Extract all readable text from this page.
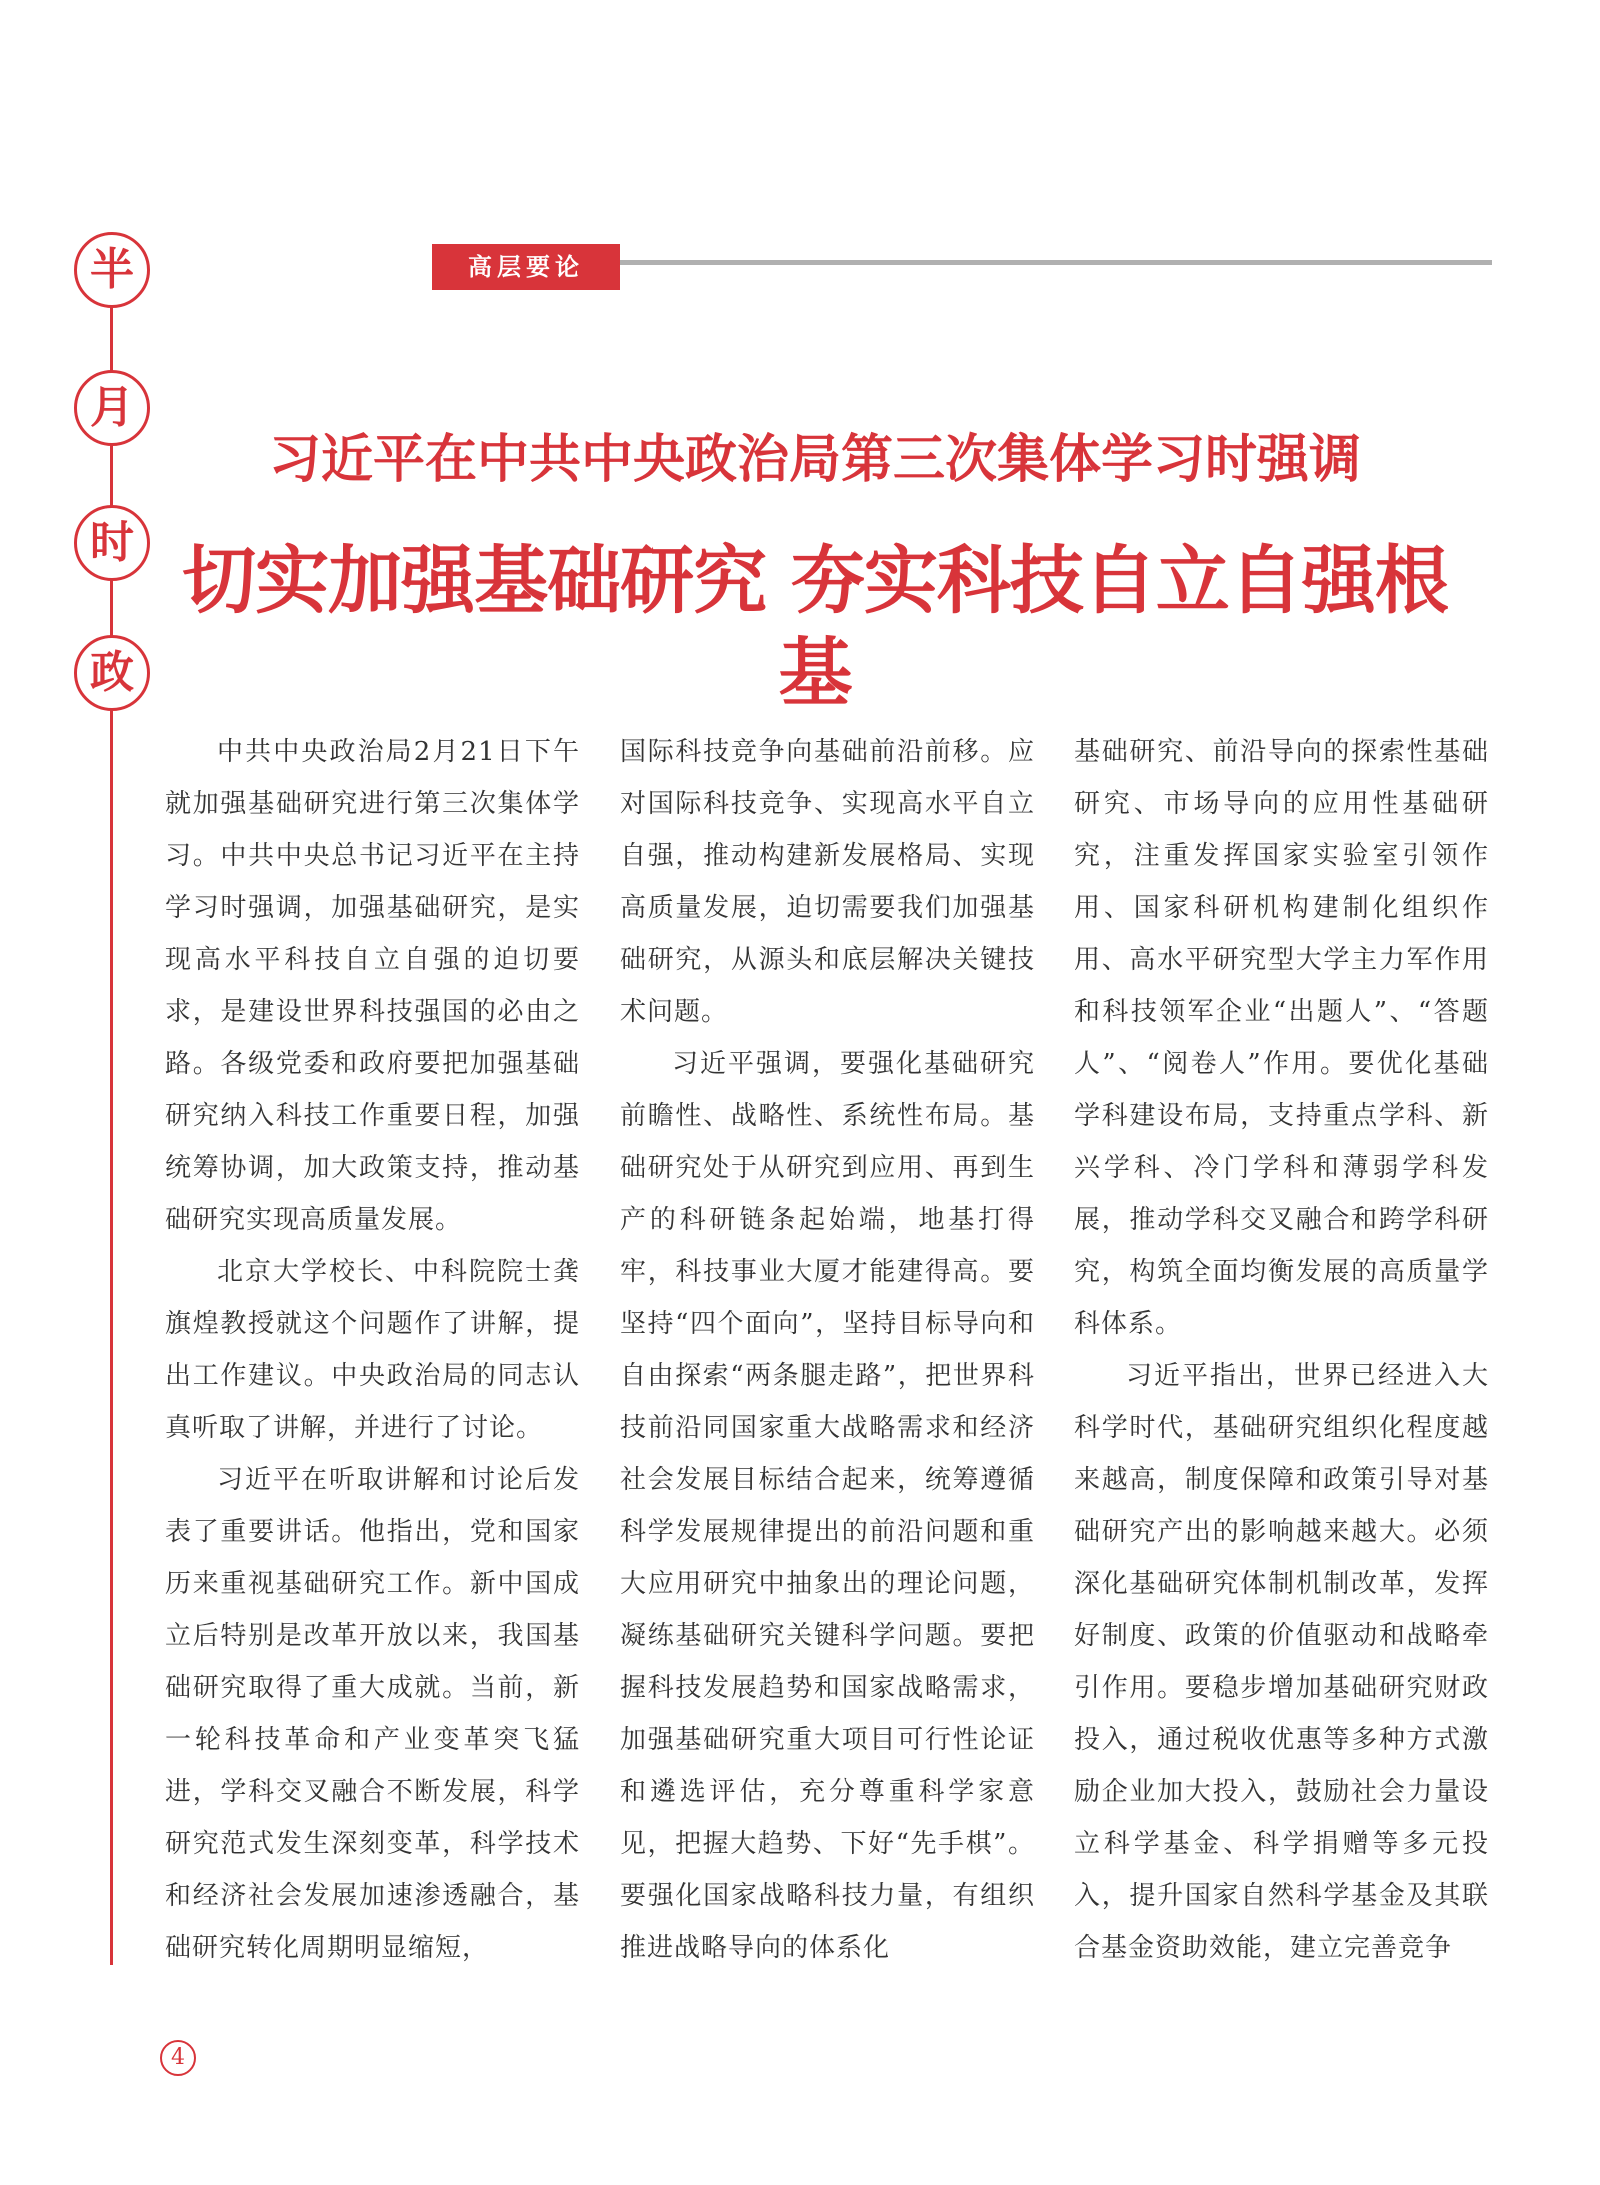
半
月
时
政
高层要论
习近平在中共中央政治局第三次集体学习时强调
切实加强基础研究 夯实科技自立自强根基

中共中央政治局2月21日下午就加强基础研究进行第三次集体学习。中共中央总书记习近平在主持学习时强调，加强基础研究，是实现高水平科技自立自强的迫切要求，是建设世界科技强国的必由之路。各级党委和政府要把加强基础研究纳入科技工作重要日程，加强统筹协调，加大政策支持，推动基础研究实现高质量发展。

北京大学校长、中科院院士龚旗煌教授就这个问题作了讲解，提出工作建议。中央政治局的同志认真听取了讲解，并进行了讨论。

习近平在听取讲解和讨论后发表了重要讲话。他指出，党和国家历来重视基础研究工作。新中国成立后特别是改革开放以来，我国基础研究取得了重大成就。当前，新一轮科技革命和产业变革突飞猛进，学科交叉融合不断发展，科学研究范式发生深刻变革，科学技术和经济社会发展加速渗透融合，基础研究转化周期明显缩短，

国际科技竞争向基础前沿前移。应对国际科技竞争、实现高水平自立自强，推动构建新发展格局、实现高质量发展，迫切需要我们加强基础研究，从源头和底层解决关键技术问题。

习近平强调，要强化基础研究前瞻性、战略性、系统性布局。基础研究处于从研究到应用、再到生产的科研链条起始端，地基打得牢，科技事业大厦才能建得高。要坚持“四个面向”，坚持目标导向和自由探索“两条腿走路”，把世界科技前沿同国家重大战略需求和经济社会发展目标结合起来，统筹遵循科学发展规律提出的前沿问题和重大应用研究中抽象出的理论问题，凝练基础研究关键科学问题。要把握科技发展趋势和国家战略需求，加强基础研究重大项目可行性论证和遴选评估，充分尊重科学家意见，把握大趋势、下好“先手棋”。要强化国家战略科技力量，有组织推进战略导向的体系化

基础研究、前沿导向的探索性基础研究、市场导向的应用性基础研究，注重发挥国家实验室引领作用、国家科研机构建制化组织作用、高水平研究型大学主力军作用和科技领军企业“出题人”、“答题人”、“阅卷人”作用。要优化基础学科建设布局，支持重点学科、新兴学科、冷门学科和薄弱学科发展，推动学科交叉融合和跨学科研究，构筑全面均衡发展的高质量学科体系。

习近平指出，世界已经进入大科学时代，基础研究组织化程度越来越高，制度保障和政策引导对基础研究产出的影响越来越大。必须深化基础研究体制机制改革，发挥好制度、政策的价值驱动和战略牵引作用。要稳步增加基础研究财政投入，通过税收优惠等多种方式激励企业加大投入，鼓励社会力量设立科学基金、科学捐赠等多元投入，提升国家自然科学基金及其联合基金资助效能，建立完善竞争

4
